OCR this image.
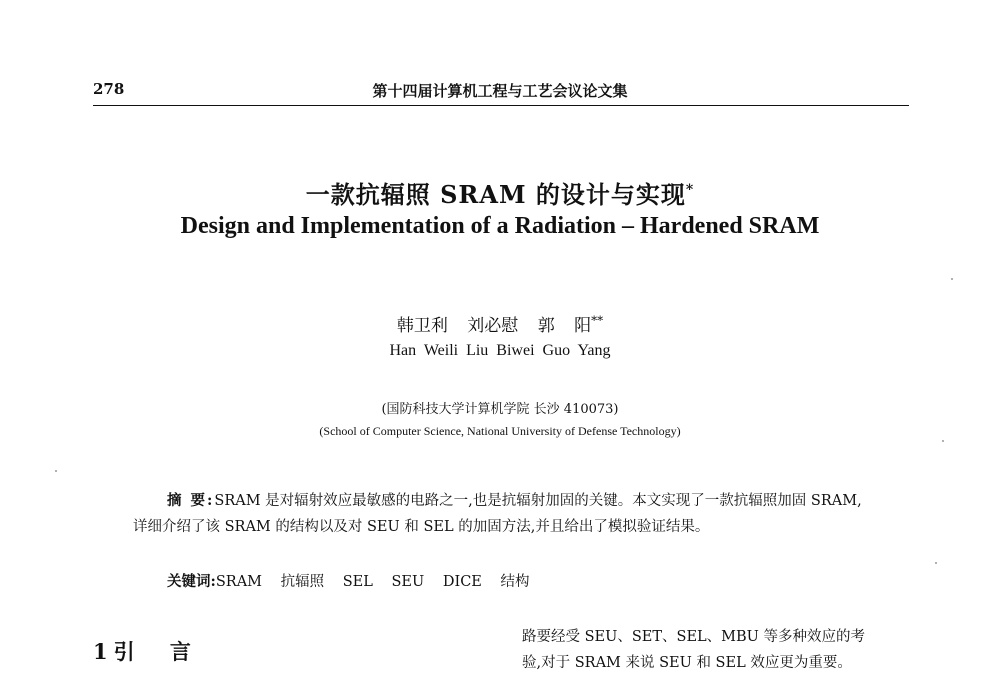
278	第十四届计算机工程与工艺会议论文集
一款抗辐照 SRAM 的设计与实现*
Design and Implementation of a Radiation – Hardened SRAM
韩卫利 刘必慰 郭 阳**
Han Weili Liu Biwei Guo Yang
(国防科技大学计算机学院 长沙 410073)
(School of Computer Science, National University of Defense Technology)
摘 要:SRAM 是对辐射效应最敏感的电路之一,也是抗辐射加固的关键。本文实现了一款抗辐照加固 SRAM,详细介绍了该 SRAM 的结构以及对 SEU 和 SEL 的加固方法,并且给出了模拟验证结果。
关键词:SRAM 抗辐照 SEL SEU DICE 结构
1 引 言
路要经受 SEU、SET、SEL、MBU 等多种效应的考
验,对于 SRAM 来说 SEU 和 SEL 效应更为重要。
